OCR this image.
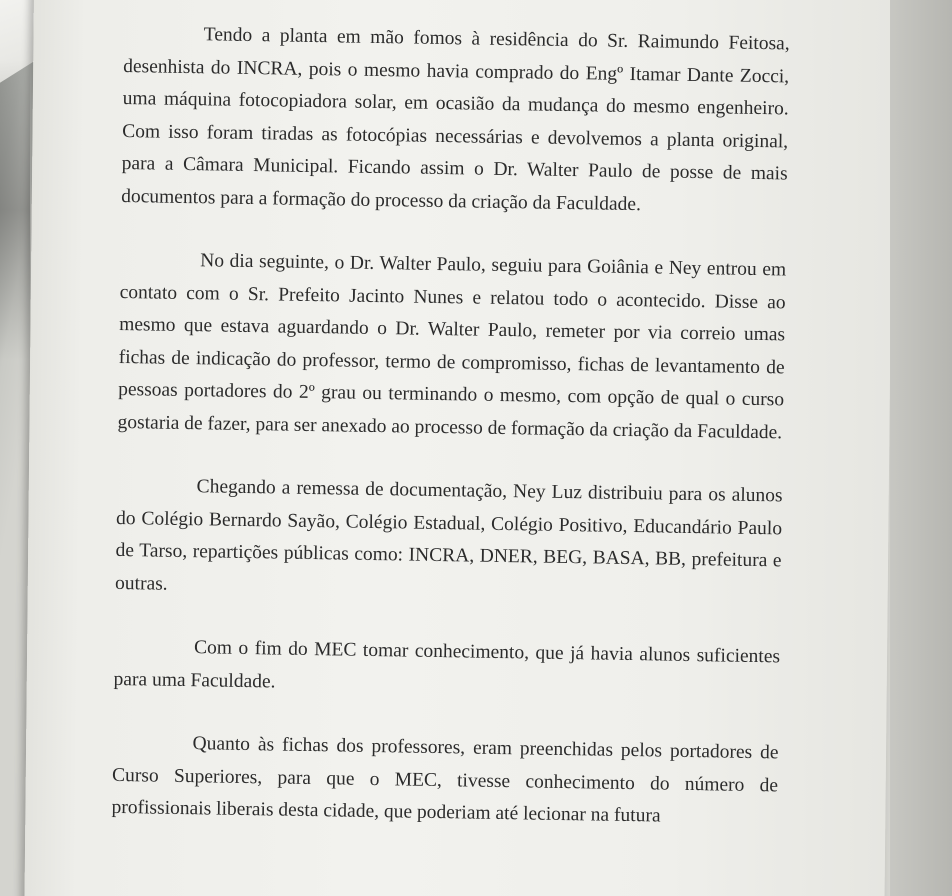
Tendo a planta em mão fomos à residência do Sr. Raimundo Feitosa, desenhista do INCRA, pois o mesmo havia comprado do Engº Itamar Dante Zocci, uma máquina fotocopiadora solar, em ocasião da mudança do mesmo engenheiro. Com isso foram tiradas as fotocópias necessárias e devolvemos a planta original, para a Câmara Municipal. Ficando assim o Dr. Walter Paulo de posse de mais documentos para a formação do processo da criação da Faculdade.

No dia seguinte, o Dr. Walter Paulo, seguiu para Goiânia e Ney entrou em contato com o Sr. Prefeito Jacinto Nunes e relatou todo o acontecido. Disse ao mesmo que estava aguardando o Dr. Walter Paulo, remeter por via correio umas fichas de indicação do professor, termo de compromisso, fichas de levantamento de pessoas portadores do 2º grau ou terminando o mesmo, com opção de qual o curso gostaria de fazer, para ser anexado ao processo de formação da criação da Faculdade.

Chegando a remessa de documentação, Ney Luz distribuiu para os alunos do Colégio Bernardo Sayão, Colégio Estadual, Colégio Positivo, Educandário Paulo de Tarso, repartições públicas como: INCRA, DNER, BEG, BASA, BB, prefeitura e outras.

Com o fim do MEC tomar conhecimento, que já havia alunos suficientes para uma Faculdade.

Quanto às fichas dos professores, eram preenchidas pelos portadores de Curso Superiores, para que o MEC, tivesse conhecimento do número de profissionais liberais desta cidade, que poderiam até lecionar na futura
